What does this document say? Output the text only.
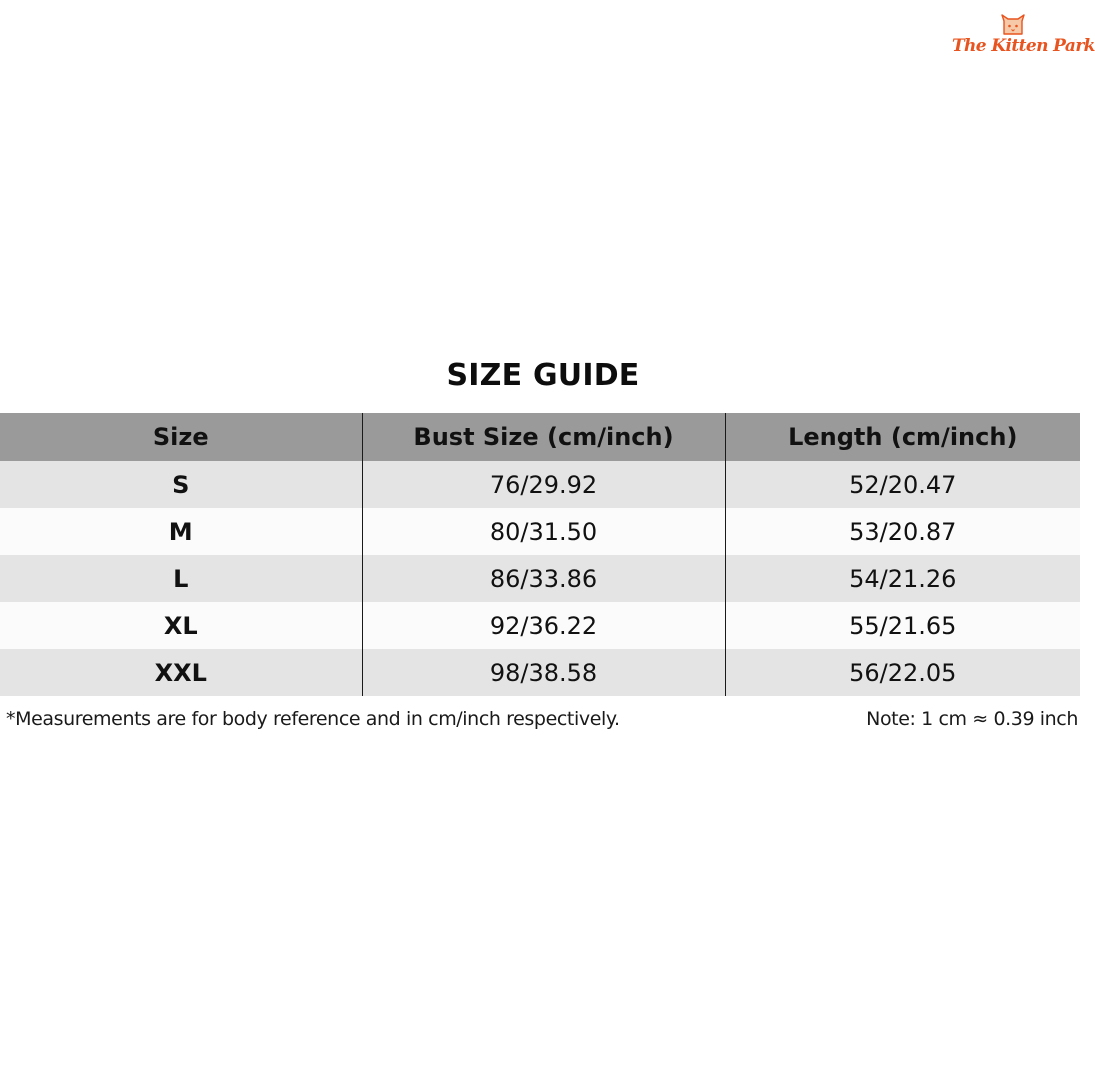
The Kitten Park
SIZE GUIDE
Size	Bust Size (cm/inch)	Length (cm/inch)
S	76/29.92	52/20.47
M	80/31.50	53/20.87
L	86/33.86	54/21.26
XL	92/36.22	55/21.65
XXL	98/38.58	56/22.05
*Measurements are for body reference and in cm/inch respectively.	Note: 1 cm ≈ 0.39 inch
